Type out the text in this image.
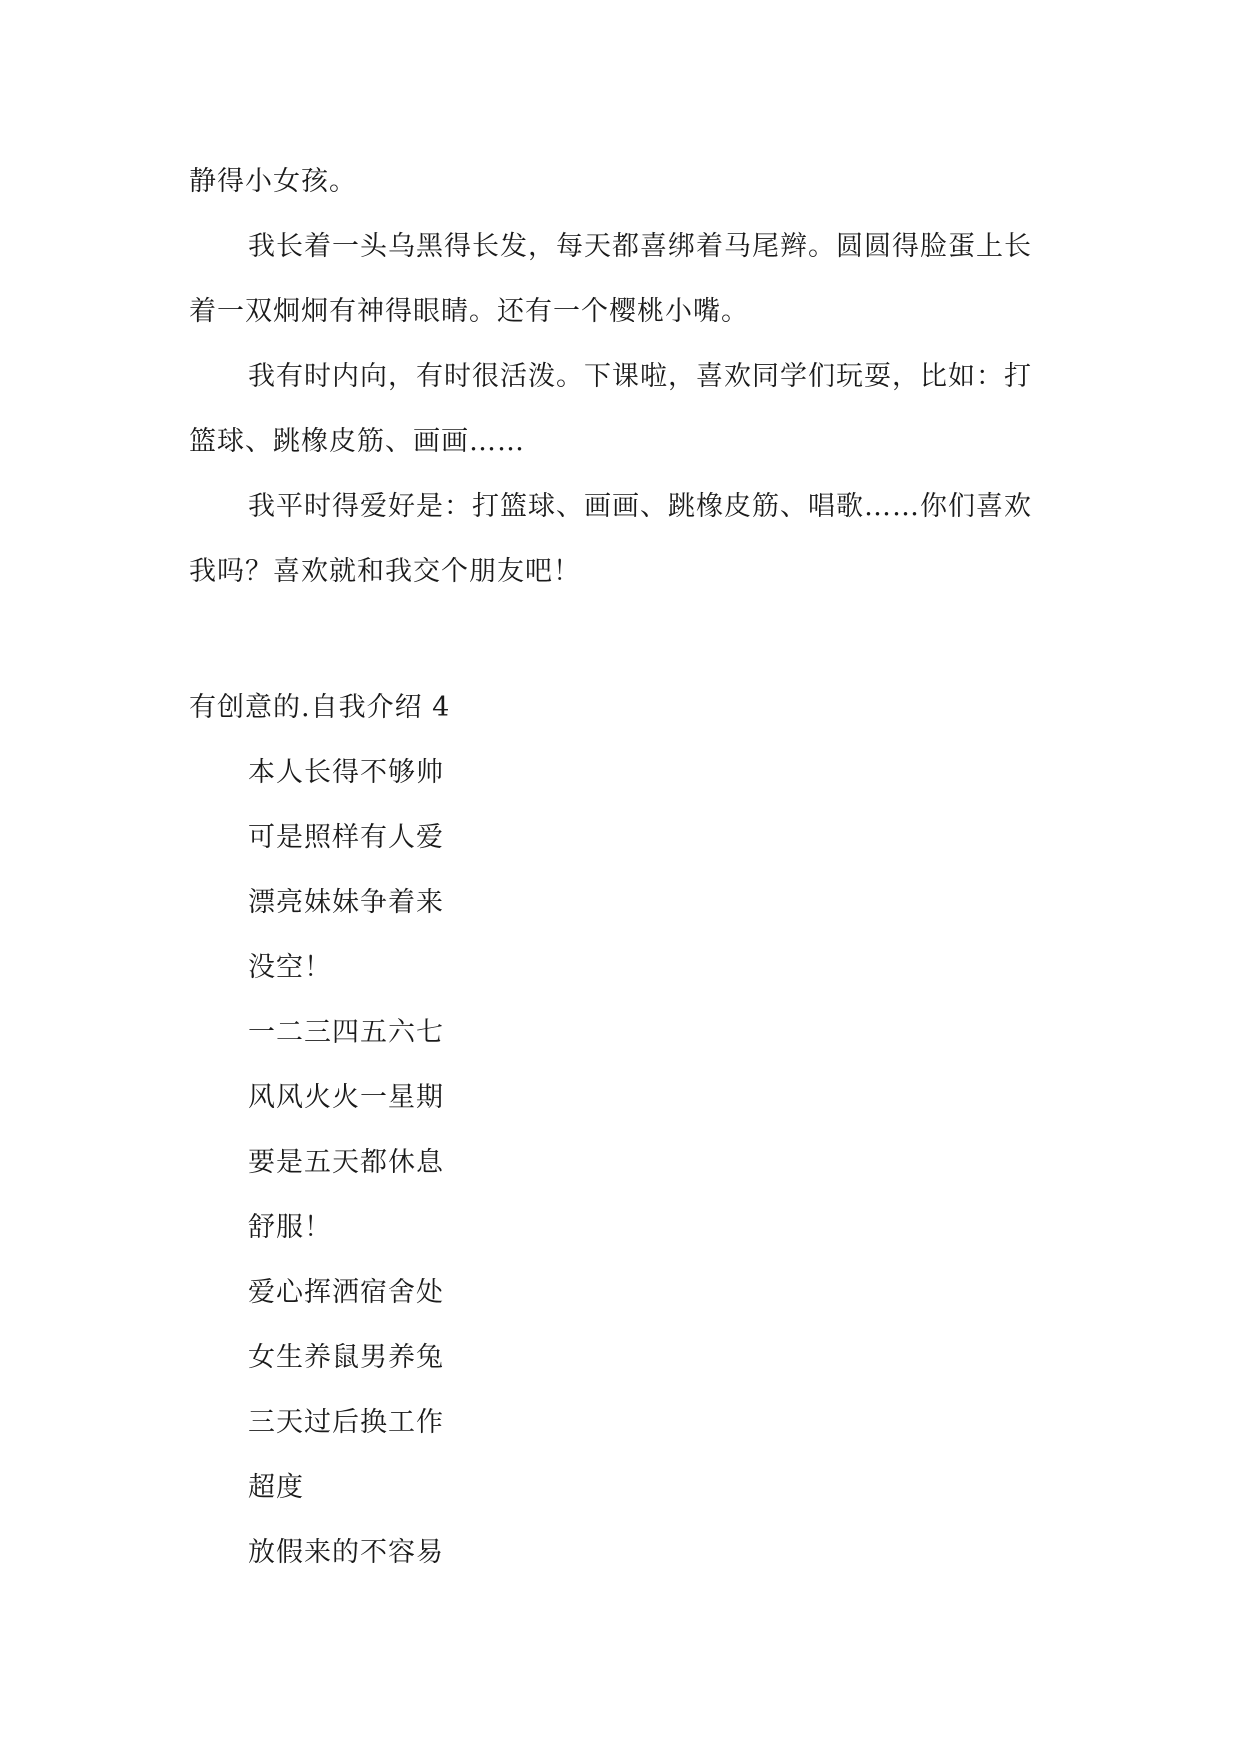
静得小女孩。
我长着一头乌黑得长发，每天都喜绑着马尾辫。圆圆得脸蛋上长
着一双炯炯有神得眼睛。还有一个樱桃小嘴。
我有时内向，有时很活泼。下课啦，喜欢同学们玩耍，比如：打
篮球、跳橡皮筋、画画……
我平时得爱好是：打篮球、画画、跳橡皮筋、唱歌……你们喜欢
我吗？喜欢就和我交个朋友吧！
有创意的.自我介绍 4
本人长得不够帅
可是照样有人爱
漂亮妹妹争着来
没空！
一二三四五六七
风风火火一星期
要是五天都休息
舒服！
爱心挥洒宿舍处
女生养鼠男养兔
三天过后换工作
超度
放假来的不容易
